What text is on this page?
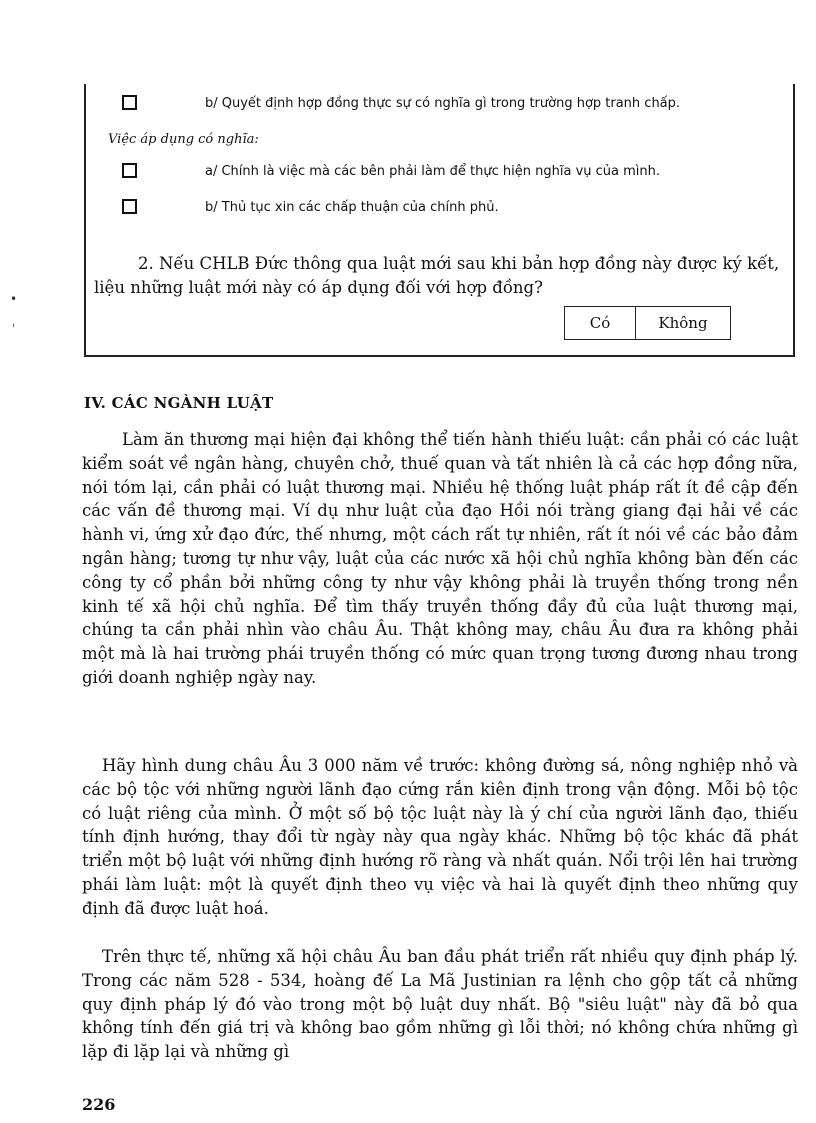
b/ Quyết định hợp đồng thực sự có nghĩa gì trong trường hợp tranh chấp.
Việc áp dụng có nghĩa:
a/ Chính là việc mà các bên phải làm để thực hiện nghĩa vụ của mình.
b/ Thủ tục xin các chấp thuận của chính phủ.
2. Nếu CHLB Đức thông qua luật mới sau khi bản hợp đồng này được ký kết, liệu những luật mới này có áp dụng đối với hợp đồng?
Có	Không
•
ˈ
IV. CÁC NGÀNH LUẬT

Làm ăn thương mại hiện đại không thể tiến hành thiếu luật: cần phải có các luật kiểm soát về ngân hàng, chuyên chở, thuế quan và tất nhiên là cả các hợp đồng nữa, nói tóm lại, cần phải có luật thương mại. Nhiều hệ thống luật pháp rất ít đề cập đến các vấn đề thương mại. Ví dụ như luật của đạo Hồi nói tràng giang đại hải về các hành vi, ứng xử đạo đức, thế nhưng, một cách rất tự nhiên, rất ít nói về các bảo đảm ngân hàng; tương tự như vậy, luật của các nước xã hội chủ nghĩa không bàn đến các công ty cổ phần bởi những công ty như vậy không phải là truyền thống trong nền kinh tế xã hội chủ nghĩa. Để tìm thấy truyền thống đầy đủ của luật thương mại, chúng ta cần phải nhìn vào châu Âu. Thật không may, châu Âu đưa ra không phải một mà là hai trường phái truyền thống có mức quan trọng tương đương nhau trong giới doanh nghiệp ngày nay.

Hãy hình dung châu Âu 3 000 năm về trước: không đường sá, nông nghiệp nhỏ và các bộ tộc với những người lãnh đạo cứng rắn kiên định trong vận động. Mỗi bộ tộc có luật riêng của mình. Ở một số bộ tộc luật này là ý chí của người lãnh đạo, thiếu tính định hướng, thay đổi từ ngày này qua ngày khác. Những bộ tộc khác đã phát triển một bộ luật với những định hướng rõ ràng và nhất quán. Nổi trội lên hai trường phái làm luật: một là quyết định theo vụ việc và hai là quyết định theo những quy định đã được luật hoá.

Trên thực tế, những xã hội châu Âu ban đầu phát triển rất nhiều quy định pháp lý. Trong các năm 528 - 534, hoàng đế La Mã Justinian ra lệnh cho gộp tất cả những quy định pháp lý đó vào trong một bộ luật duy nhất. Bộ "siêu luật" này đã bỏ qua không tính đến giá trị và không bao gồm những gì lỗi thời; nó không chứa những gì lặp đi lặp lại và những gì

226
